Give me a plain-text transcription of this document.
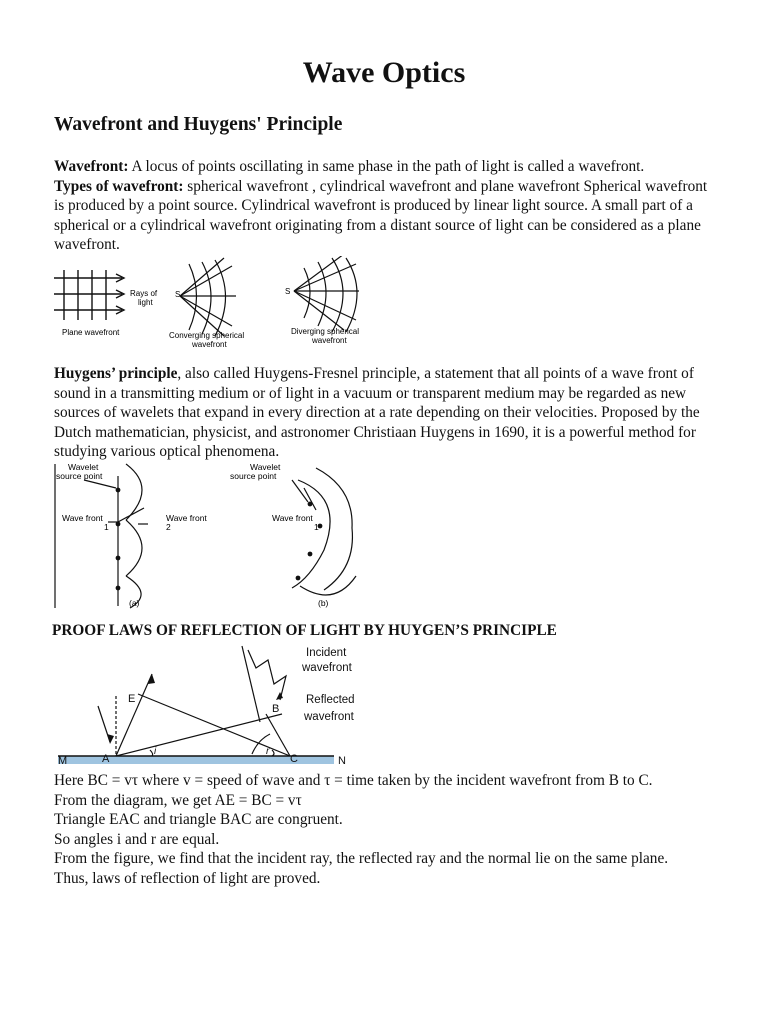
Wave Optics
Wavefront and Huygens' Principle

Wavefront: A locus of points oscillating in same phase in the path of light is called a wavefront.
Types of wavefront: spherical wavefront , cylindrical wavefront and plane wavefront Spherical wavefront is produced by a point source. Cylindrical wavefront is produced by linear light source. A small part of a spherical or a cylindrical wavefront originating from a distant source of light can be considered as a plane wavefront.

Rays of
light
Plane wavefront
S
Converging spherical
wavefront
S
Diverging spherical
wavefront

Huygens’ principle, also called Huygens-Fresnel principle, a statement that all points of a wave front of sound in a transmitting medium or of light in a vacuum or transparent medium may be regarded as new sources of wavelets that expand in every direction at a rate depending on their velocities. Proposed by the Dutch mathematician, physicist, and astronomer Christiaan Huygens in 1690, it is a powerful method for studying various optical phenomena.

Wavelet
source point
Wave front
1
Wave front
2
(a)
Wavelet
source point
Wave front
1
(b)
PROOF LAWS OF REFLECTION OF LIGHT BY HUYGEN’S PRINCIPLE
M	A
E
B
C	N
i	r
Incident
wavefront
Reflected
wavefront
Here BC = vτ where v = speed of wave and τ = time taken by the incident wavefront from B to C.
From the diagram, we get AE = BC = vτ
Triangle EAC and triangle BAC are congruent.
So angles i and r are equal.
From the figure, we find that the incident ray, the reflected ray and the normal lie on the same plane.
Thus, laws of reflection of light are proved.
